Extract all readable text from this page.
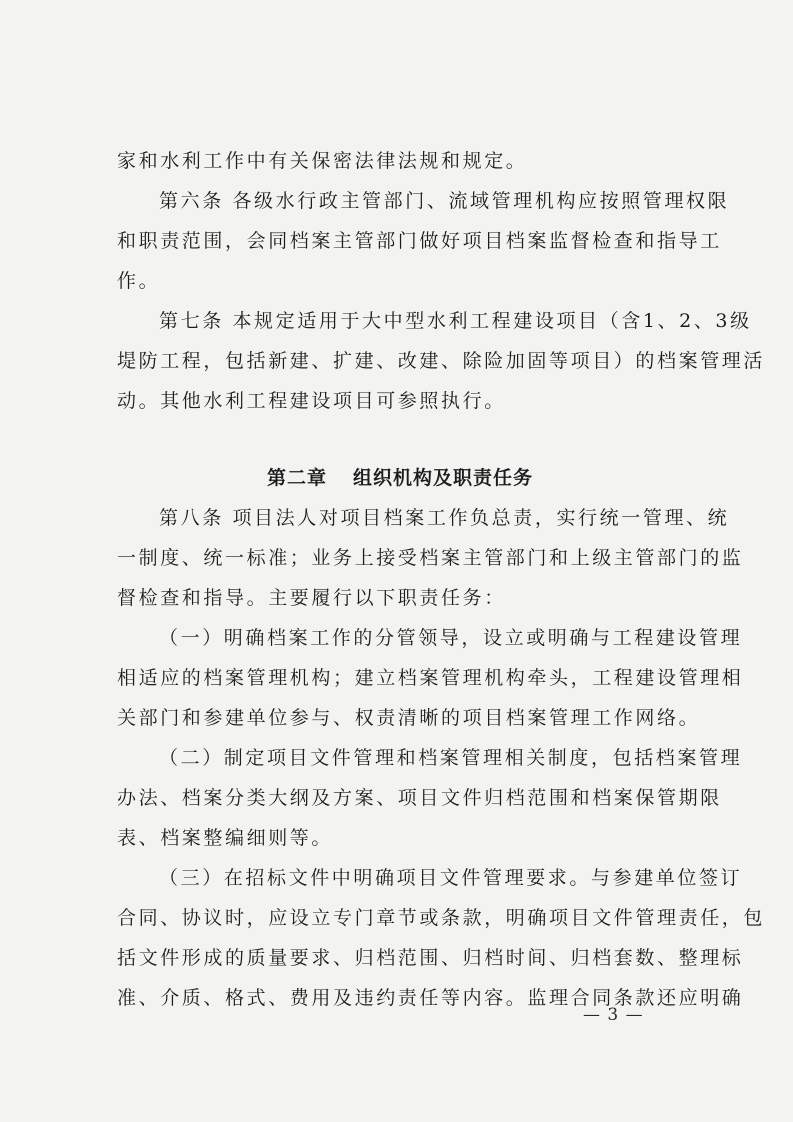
家和水利工作中有关保密法律法规和规定。
第六条 各级水行政主管部门、流域管理机构应按照管理权限
和职责范围，会同档案主管部门做好项目档案监督检查和指导工
作。
第七条 本规定适用于大中型水利工程建设项目（含1、2、3级
堤防工程，包括新建、扩建、改建、除险加固等项目）的档案管理活
动。其他水利工程建设项目可参照执行。
第二章 组织机构及职责任务
第八条 项目法人对项目档案工作负总责，实行统一管理、统
一制度、统一标准；业务上接受档案主管部门和上级主管部门的监
督检查和指导。主要履行以下职责任务：
（一）明确档案工作的分管领导，设立或明确与工程建设管理
相适应的档案管理机构；建立档案管理机构牵头，工程建设管理相
关部门和参建单位参与、权责清晰的项目档案管理工作网络。
（二）制定项目文件管理和档案管理相关制度，包括档案管理
办法、档案分类大纲及方案、项目文件归档范围和档案保管期限
表、档案整编细则等。
（三）在招标文件中明确项目文件管理要求。与参建单位签订
合同、协议时，应设立专门章节或条款，明确项目文件管理责任，包
括文件形成的质量要求、归档范围、归档时间、归档套数、整理标
准、介质、格式、费用及违约责任等内容。监理合同条款还应明确
— 3 —
